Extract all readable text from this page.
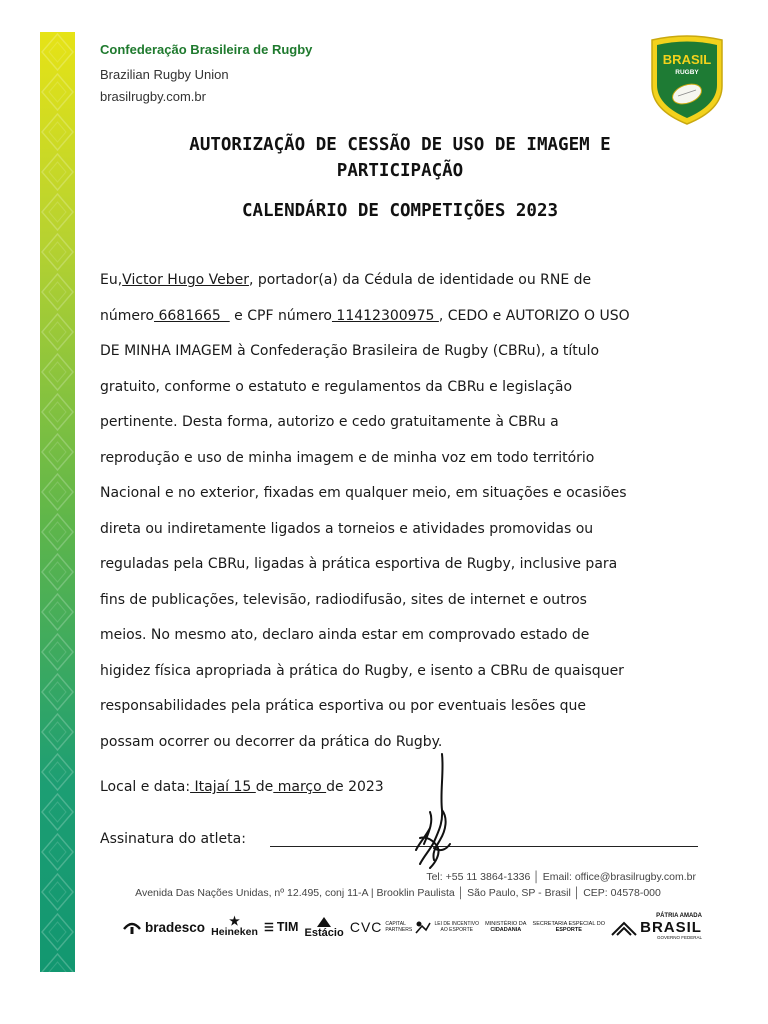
Confederação Brasileira de Rugby
Brazilian Rugby Union
brasilrugby.com.br
BRASIL
RUGBY
AUTORIZAÇÃO DE CESSÃO DE USO DE IMAGEM E
PARTICIPAÇÃO
CALENDÁRIO DE COMPETIÇÕES 2023
Eu,Victor Hugo Veber, portador(a) da Cédula de identidade ou RNE de
número 6681665   e CPF número 11412300975 , CEDO e AUTORIZO O USO
DE MINHA IMAGEM à Confederação Brasileira de Rugby (CBRu), a título
gratuito, conforme o estatuto e regulamentos da CBRu e legislação
pertinente. Desta forma, autorizo e cedo gratuitamente à CBRu a
reprodução e uso de minha imagem e de minha voz em todo território
Nacional e no exterior, fixadas em qualquer meio, em situações e ocasiões
direta ou indiretamente ligados a torneios e atividades promovidas ou
reguladas pela CBRu, ligadas à prática esportiva de Rugby, inclusive para
fins de publicações, televisão, radiodifusão, sites de internet e outros
meios. No mesmo ato, declaro ainda estar em comprovado estado de
higidez física apropriada à prática do Rugby, e isento a CBRu de quaisquer
responsabilidades pela prática esportiva ou por eventuais lesões que
possam ocorrer ou decorrer da prática do Rugby.
Local e data: Itajaí 15 de março de 2023
Assinatura do atleta:
Tel: +55 11 3864-1336 │ Email: office@brasilrugby.com.br
Avenida Das Nações Unidas, nº 12.495, conj 11-A | Brooklin Paulista │ São Paulo, SP - Brasil │ CEP: 04578-000
bradesco ★
Heineken ☰ TIM Estácio CVC CAPITAL PARTNERS
LEI DE INCENTIVO
AO ESPORTE
MINISTÉRIO DA
CIDADANIA
SECRETARIA ESPECIAL DO
ESPORTE
PÁTRIA AMADA
BRASIL
GOVERNO FEDERAL
